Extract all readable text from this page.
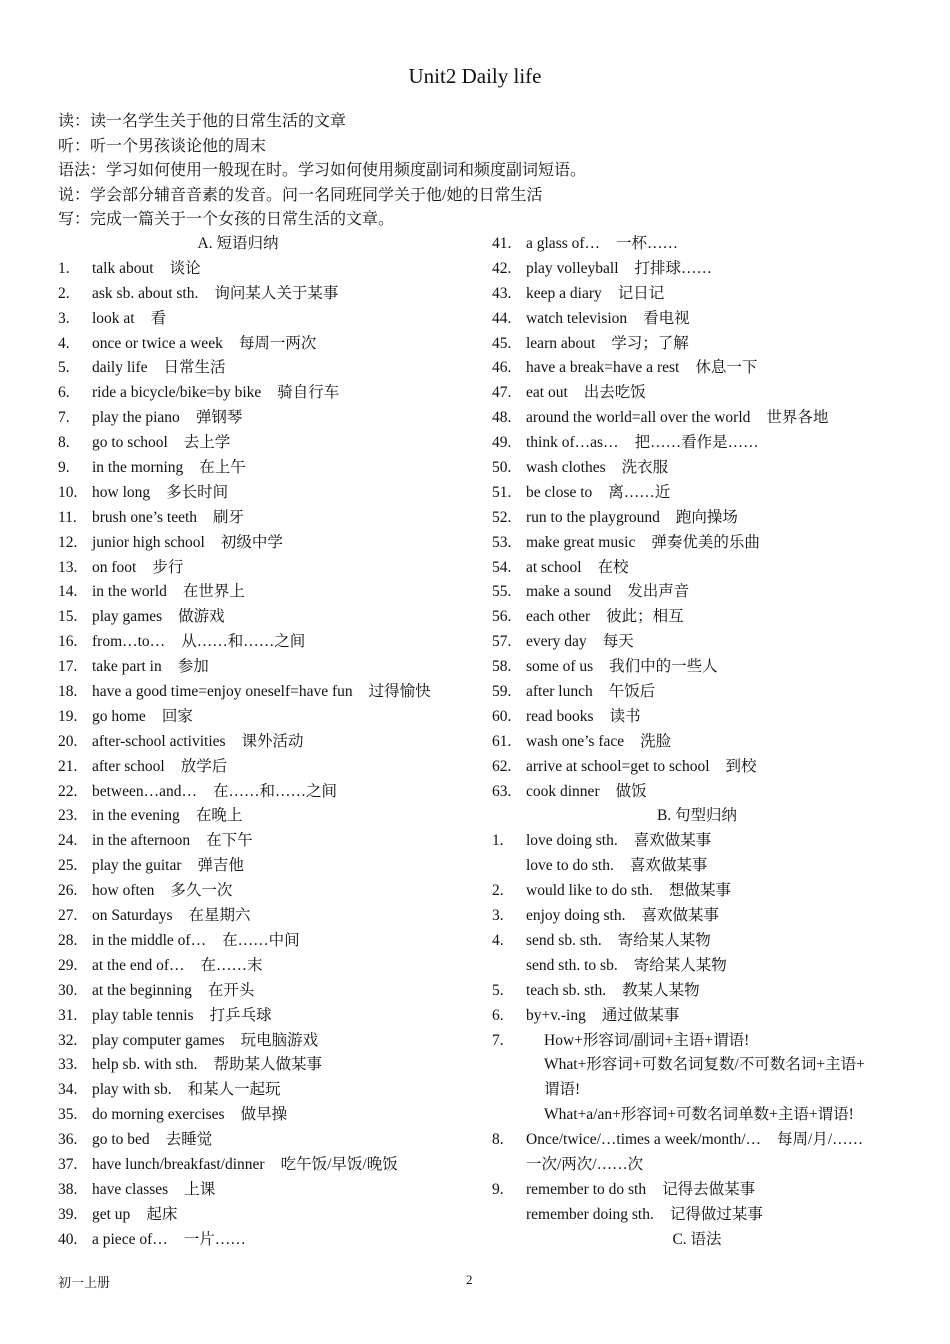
Unit2 Daily life
读：读一名学生关于他的日常生活的文章
听：听一个男孩谈论他的周末
语法：学习如何使用一般现在时。学习如何使用频度副词和频度副词短语。
说：学会部分辅音音素的发音。问一名同班同学关于他/她的日常生活
写：完成一篇关于一个女孩的日常生活的文章。
A. 短语归纳
1. talk about 谈论
2. ask sb. about sth. 询问某人关于某事
3. look at 看
4. once or twice a week 每周一两次
5. daily life 日常生活
6. ride a bicycle/bike=by bike 骑自行车
7. play the piano 弹钢琴
8. go to school 去上学
9. in the morning 在上午
10. how long 多长时间
11. brush one’s teeth 刷牙
12. junior high school 初级中学
13. on foot 步行
14. in the world 在世界上
15. play games 做游戏
16. from…to… 从……和……之间
17. take part in 参加
18. have a good time=enjoy oneself=have fun 过得愉快
19. go home 回家
20. after-school activities 课外活动
21. after school 放学后
22. between…and… 在……和……之间
23. in the evening 在晚上
24. in the afternoon 在下午
25. play the guitar 弹吉他
26. how often 多久一次
27. on Saturdays 在星期六
28. in the middle of… 在……中间
29. at the end of… 在……末
30. at the beginning 在开头
31. play table tennis 打乒乓球
32. play computer games 玩电脑游戏
33. help sb. with sth. 帮助某人做某事
34. play with sb. 和某人一起玩
35. do morning exercises 做早操
36. go to bed 去睡觉
37. have lunch/breakfast/dinner 吃午饭/早饭/晚饭
38. have classes 上课
39. get up 起床
40. a piece of… 一片……
41. a glass of… 一杯……
42. play volleyball 打排球……
43. keep a diary 记日记
44. watch television 看电视
45. learn about 学习；了解
46. have a break=have a rest 休息一下
47. eat out 出去吃饭
48. around the world=all over the world 世界各地
49. think of…as… 把……看作是……
50. wash clothes 洗衣服
51. be close to 离……近
52. run to the playground 跑向操场
53. make great music 弹奏优美的乐曲
54. at school 在校
55. make a sound 发出声音
56. each other 彼此；相互
57. every day 每天
58. some of us 我们中的一些人
59. after lunch 午饭后
60. read books 读书
61. wash one’s face 洗脸
62. arrive at school=get to school 到校
63. cook dinner 做饭
B. 句型归纳
1. love doing sth. 喜欢做某事
love to do sth. 喜欢做某事
2. would like to do sth. 想做某事
3. enjoy doing sth. 喜欢做某事
4. send sb. sth. 寄给某人某物
send sth. to sb. 寄给某人某物
5. teach sb. sth. 教某人某物
6. by+v.-ing 通过做某事
7.	How+形容词/副词+主语+谓语!
What+形容词+可数名词复数/不可数名词+主语+
谓语!
What+a/an+形容词+可数名词单数+主语+谓语!
8. Once/twice/…times a week/month/… 每周/月/……
一次/两次/……次
9. remember to do sth 记得去做某事
remember doing sth. 记得做过某事
C. 语法
初一上册	2
